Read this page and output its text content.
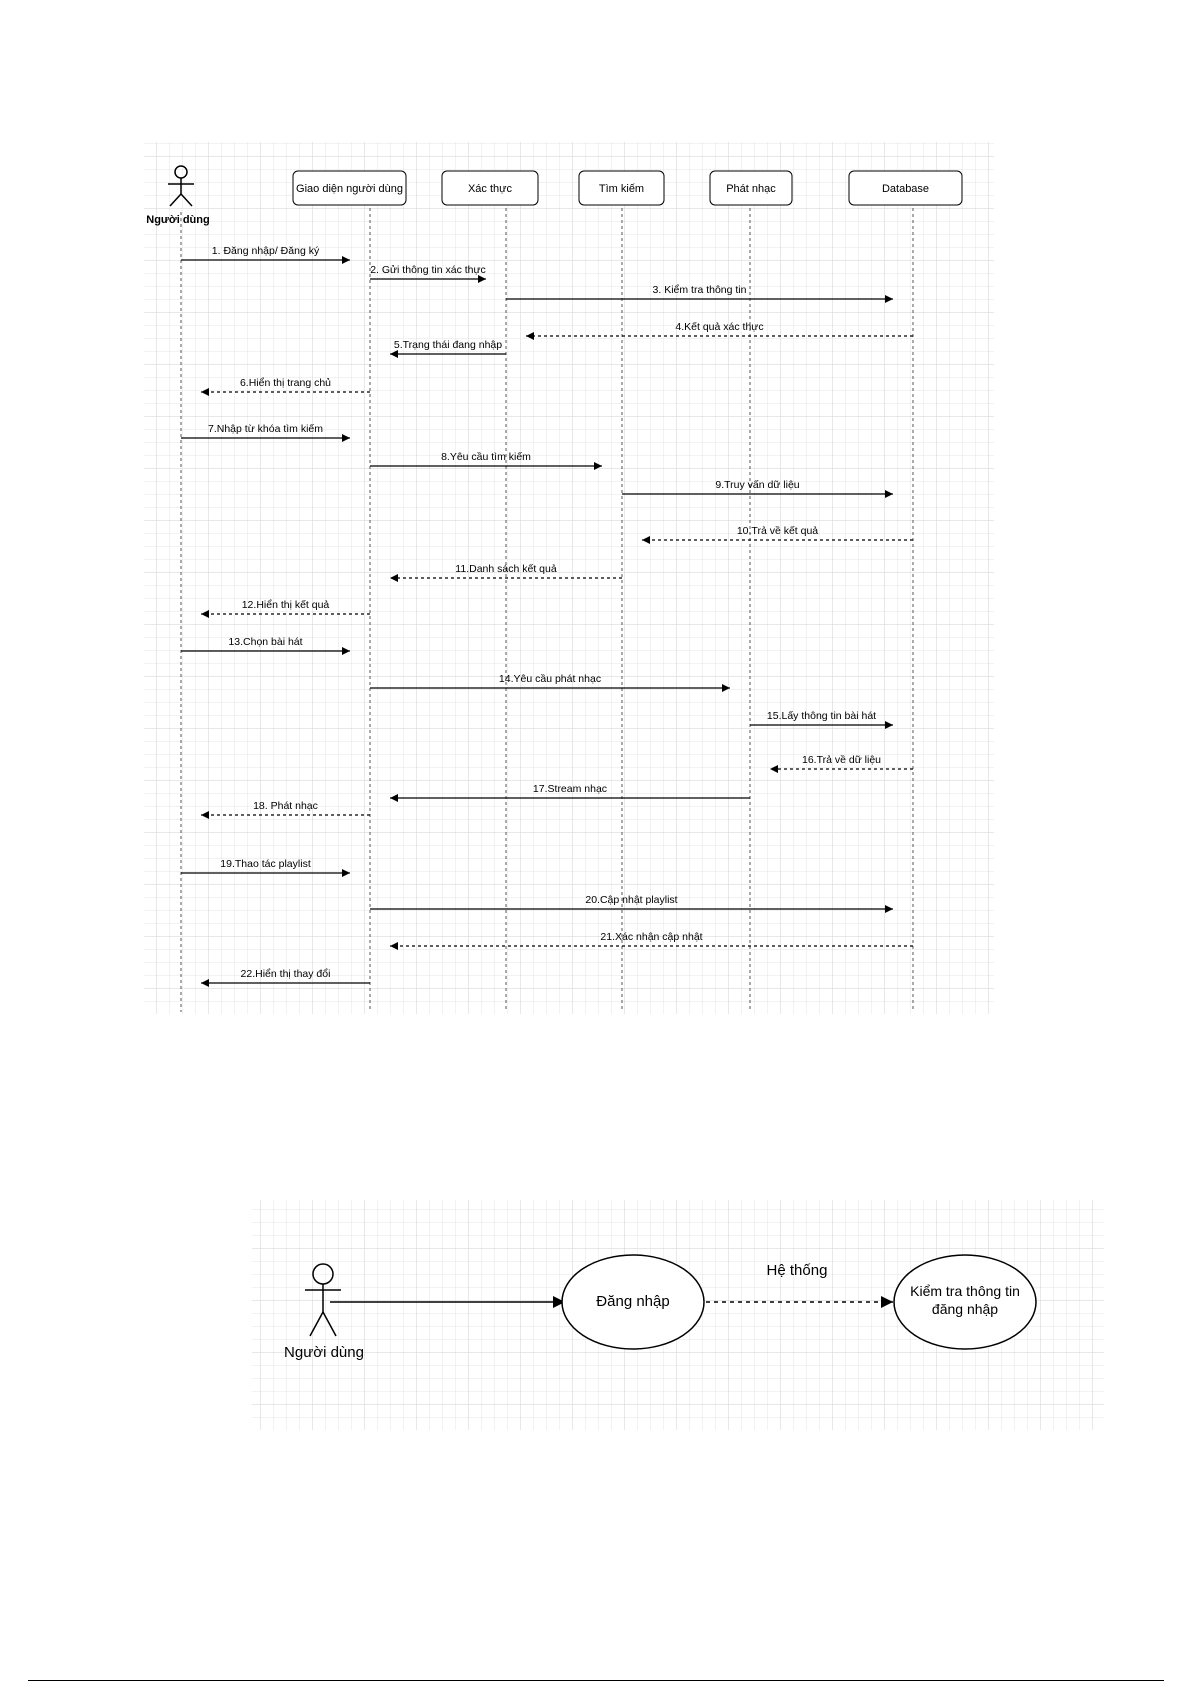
Người dùng
Giao diện người dùng	Xác thực	Tìm kiếm	Phát nhạc	Database
1. Đăng nhập/ Đăng ký
2. Gửi thông tin xác thực
3. Kiểm tra thông tin
4.Kết quả xác thực
5.Trạng thái đang nhập
6.Hiển thị trang chủ
7.Nhập từ khóa tìm kiếm
8.Yêu cầu tìm kiếm
9.Truy vấn dữ liệu
10.Trả về kết quả
11.Danh sách kết quả
12.Hiển thị kết quả
13.Chọn bài hát
14.Yêu cầu phát nhạc
15.Lấy thông tin bài hát
16.Trả về dữ liệu
17.Stream nhạc
18. Phát nhạc
19.Thao tác playlist
20.Cập nhật playlist
21.Xác nhận cập nhật
22.Hiển thị thay đổi
Người dùng
Đăng nhập
Hệ thống
Kiểm tra thông tin
đăng nhập
